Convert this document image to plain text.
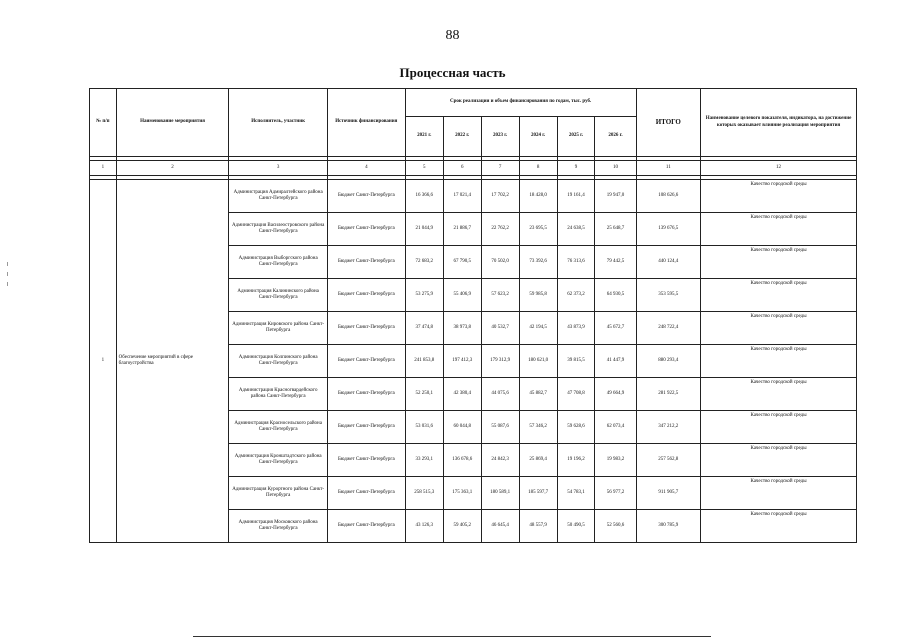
88
Процессная часть
№ п/п	Наименование мероприятия	Исполнитель, участник	Источник финансирования	Срок реализации и объем финансирования по годам, тыс. руб.						ИТОГО	Наименование целевого показателя, индикатора, на достижение которых оказывает влияние реализация мероприятия
				2021 г.	2022 г.	2023 г.	2024 г.	2025 г.	2026 г.		

1	2	3	4	5	6	7	8	9	10	11	12

1	Обеспечение мероприятий в сфере благоустройства	Администрация Адмиралтейского района Санкт-Петербурга	Бюджет Санкт-Петербурга	16 366,6	17 021,4	17 702,2	18 428,0	19 161,4	19 947,0	108 626,6	Качество городской среды
		Администрация Василеостровского района Санкт-Петербурга	Бюджет Санкт-Петербурга	21 044,9	21 886,7	22 762,2	23 695,5	24 638,5	25 648,7	139 676,5	Качество городской среды
		Администрация Выборгского района Санкт-Петербурга	Бюджет Санкт-Петербурга	72 683,2	67 790,5	70 502,0	73 392,6	76 313,6	79 442,5	440 124,4	Качество городской среды
		Администрация Калининского района Санкт-Петербурга	Бюджет Санкт-Петербурга	53 275,9	55 406,9	57 623,2	59 985,8	62 373,2	64 930,5	353 595,5	Качество городской среды
		Администрация Кировского района Санкт-Петербурга	Бюджет Санкт-Петербурга	37 474,8	38 973,8	40 532,7	42 194,5	43 873,9	45 672,7	248 722,4	Качество городской среды
		Администрация Колпинского района Санкт-Петербурга	Бюджет Санкт-Петербурга	241 853,8	197 412,3	179 312,9	180 621,0	39 815,5	41 447,9	880 293,4	Качество городской среды
		Администрация Красногвардейского района Санкт-Петербурга	Бюджет Санкт-Петербурга	52 250,1	42 380,4	44 075,6	45 882,7	47 708,8	49 664,9	281 922,5	Качество городской среды
		Администрация Красносельского района Санкт-Петербурга	Бюджет Санкт-Петербурга	53 031,6	60 044,8	55 087,6	57 346,2	59 628,6	62 073,4	347 212,2	Качество городской среды
		Администрация Кронштадтского района Санкт-Петербурга	Бюджет Санкт-Петербурга	33 293,1	136 678,6	24 842,3	25 869,4	19 196,2	19 983,2	257 562,8	Качество городской среды
		Администрация Курортного района Санкт-Петербурга	Бюджет Санкт-Петербурга	258 515,3	175 363,1	180 589,1	185 597,7	54 783,1	56 977,2	911 905,7	Качество городской среды
		Администрация Московского района Санкт-Петербурга	Бюджет Санкт-Петербурга	43 126,3	59 405,2	46 645,4	48 557,9	50 490,5	52 560,6	300 785,9	Качество городской среды
